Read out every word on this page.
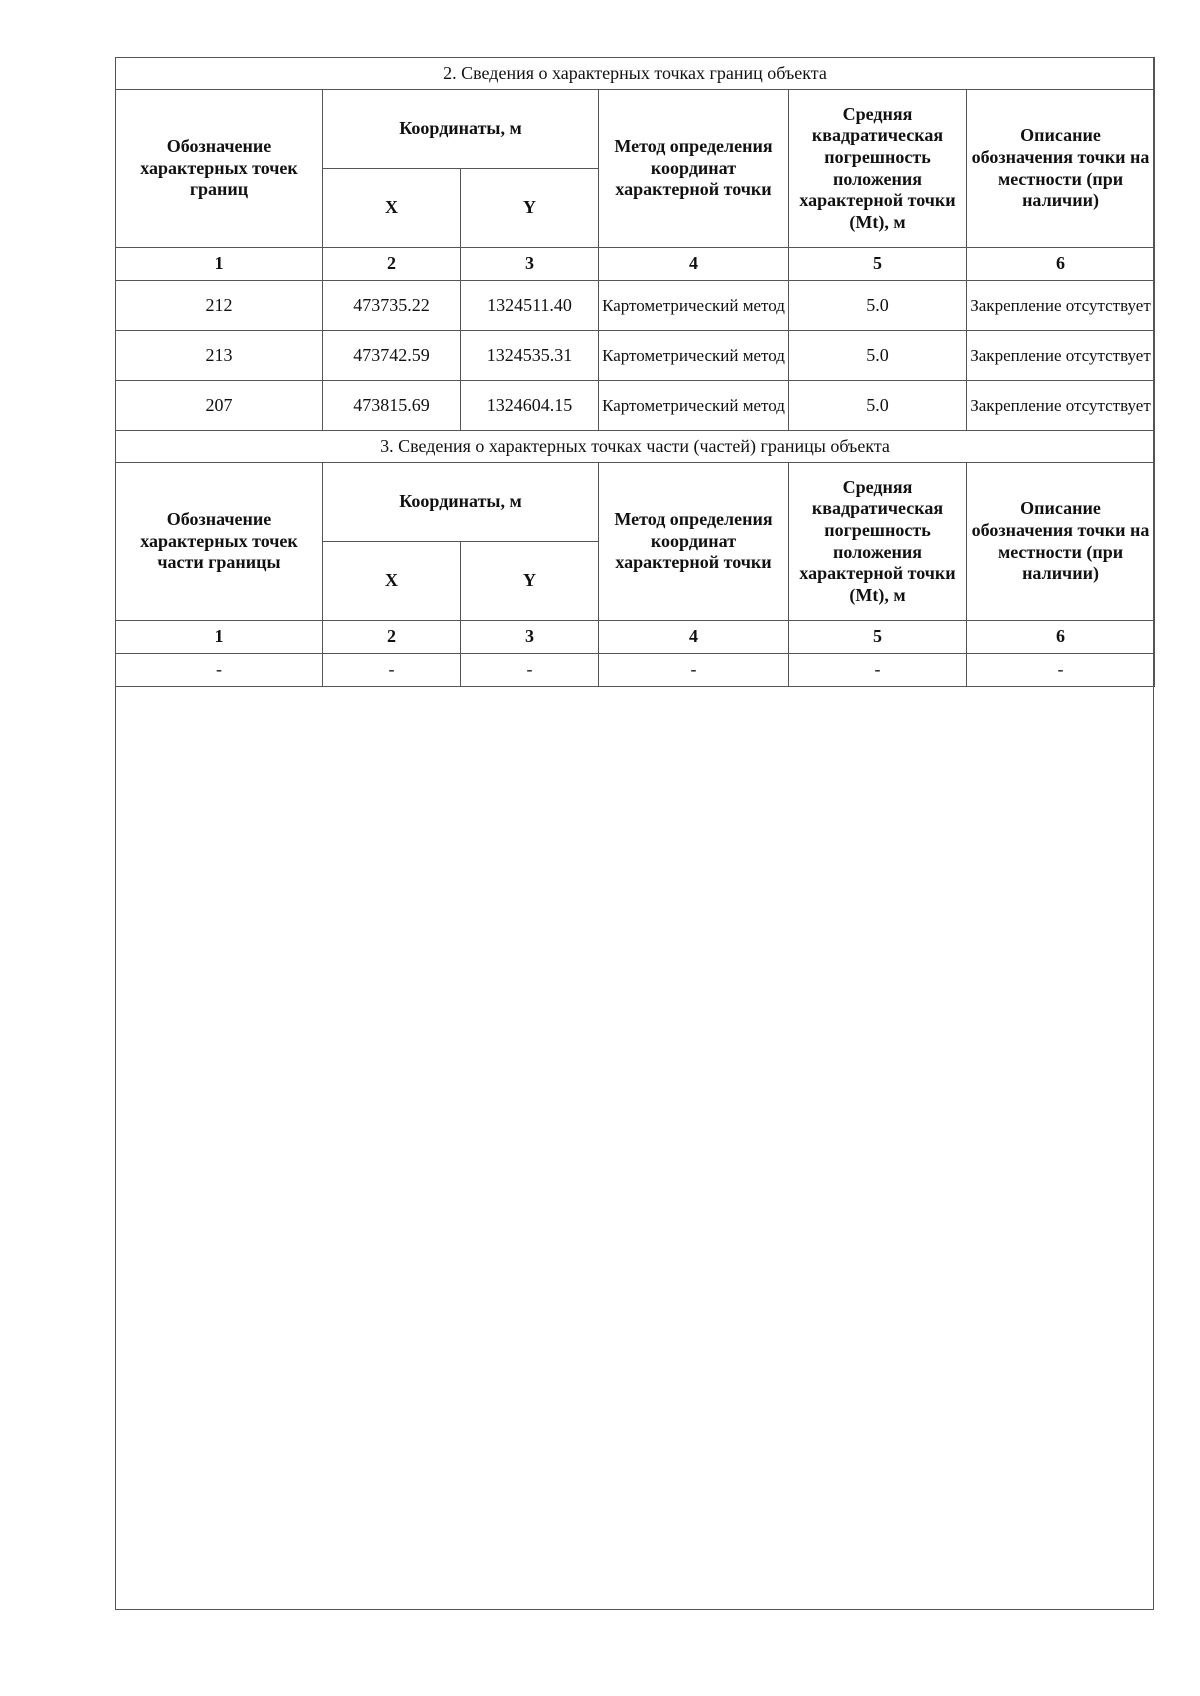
2. Сведения о характерных точках границ объекта					
Обозначение характерных точек границ	Координаты, м		Метод определения координат характерной точки	Средняя квадратическая погрешность положения характерной точки (Mt), м	Описание обозначения точки на местности (при наличии)
	X	Y			
1	2	3	4	5	6
212	473735.22	1324511.40	Картометрический метод	5.0	Закрепление отсутствует
213	473742.59	1324535.31	Картометрический метод	5.0	Закрепление отсутствует
207	473815.69	1324604.15	Картометрический метод	5.0	Закрепление отсутствует
3. Сведения о характерных точках части (частей) границы объекта					
Обозначение характерных точек части границы	Координаты, м		Метод определения координат характерной точки	Средняя квадратическая погрешность положения характерной точки (Mt), м	Описание обозначения точки на местности (при наличии)
	X	Y			
1	2	3	4	5	6
-	-	-	-	-	-
